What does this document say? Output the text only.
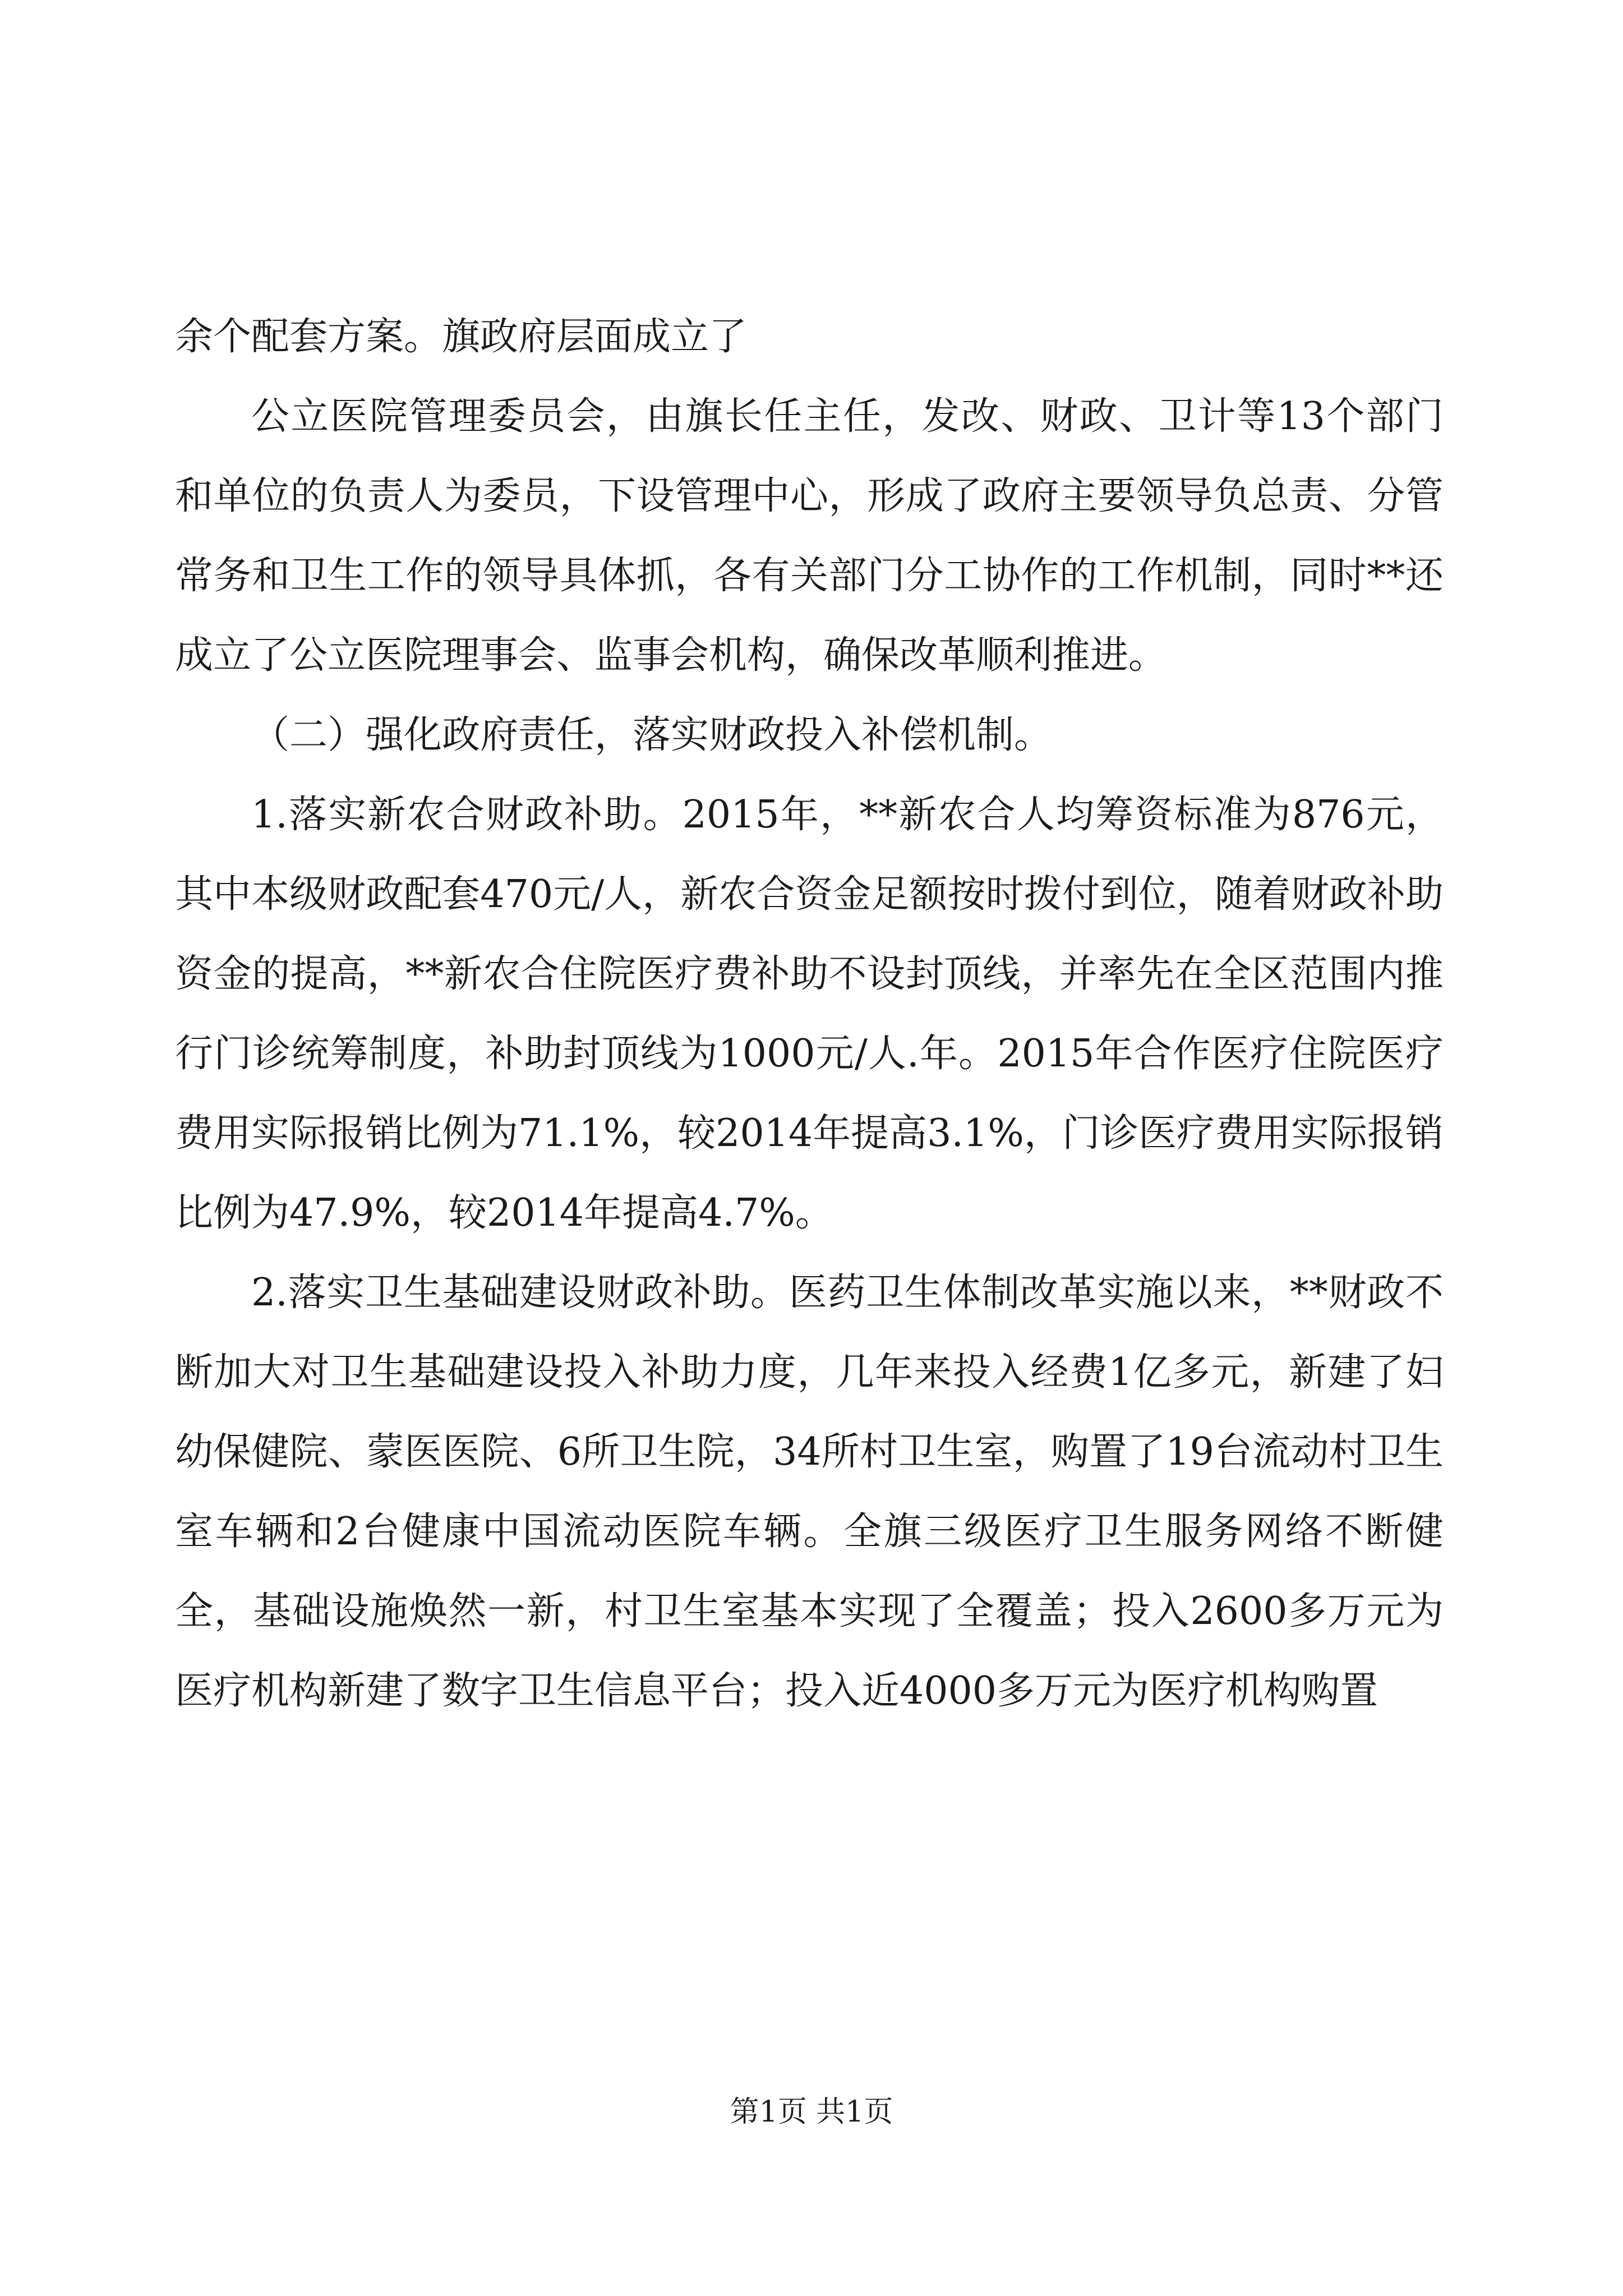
余个配套方案。旗政府层面成立了

公立医院管理委员会，由旗长任主任，发改、财政、卫计等13个部门和单位的负责人为委员，下设管理中心，形成了政府主要领导负总责、分管常务和卫生工作的领导具体抓，各有关部门分工协作的工作机制，同时**还成立了公立医院理事会、监事会机构，确保改革顺利推进。

（二）强化政府责任，落实财政投入补偿机制。

1.落实新农合财政补助。2015年，**新农合人均筹资标准为876元，其中本级财政配套470元/人，新农合资金足额按时拨付到位，随着财政补助资金的提高，**新农合住院医疗费补助不设封顶线，并率先在全区范围内推行门诊统筹制度，补助封顶线为1000元/人.年。2015年合作医疗住院医疗费用实际报销比例为71.1%，较2014年提高3.1%，门诊医疗费用实际报销比例为47.9%，较2014年提高4.7%。

2.落实卫生基础建设财政补助。医药卫生体制改革实施以来，**财政不断加大对卫生基础建设投入补助力度，几年来投入经费1亿多元，新建了妇幼保健院、蒙医医院、6所卫生院，34所村卫生室，购置了19台流动村卫生室车辆和2台健康中国流动医院车辆。全旗三级医疗卫生服务网络不断健全，基础设施焕然一新，村卫生室基本实现了全覆盖；投入2600多万元为医疗机构新建了数字卫生信息平台；投入近4000多万元为医疗机构购置

第1页 共1页
